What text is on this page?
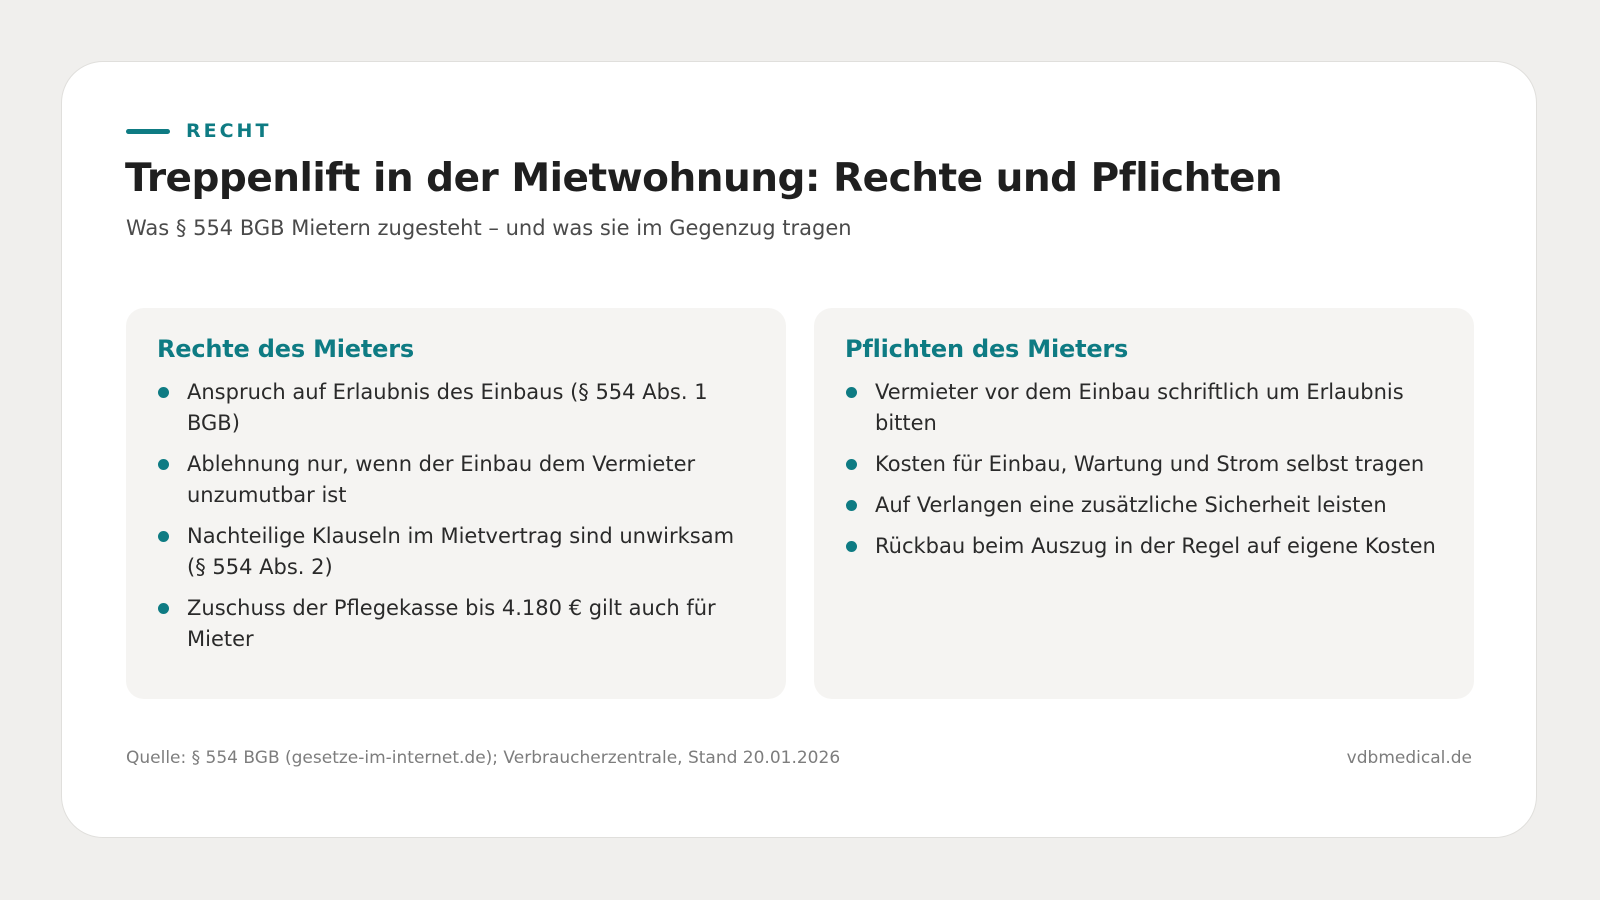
RECHT
Treppenlift in der Mietwohnung: Rechte und Pflichten

Was § 554 BGB Mietern zugesteht – und was sie im Gegenzug tragen

Rechte des Mieters
Anspruch auf Erlaubnis des Einbaus (§ 554 Abs. 1 BGB)
Ablehnung nur, wenn der Einbau dem Vermieter unzumutbar ist
Nachteilige Klauseln im Mietvertrag sind unwirksam (§ 554 Abs. 2)
Zuschuss der Pflegekasse bis 4.180 € gilt auch für Mieter
Pflichten des Mieters
Vermieter vor dem Einbau schriftlich um Erlaubnis bitten
Kosten für Einbau, Wartung und Strom selbst tragen
Auf Verlangen eine zusätzliche Sicherheit leisten
Rückbau beim Auszug in der Regel auf eigene Kosten
Quelle: § 554 BGB (gesetze-im-internet.de); Verbraucherzentrale, Stand 20.01.2026	vdbmedical.de
